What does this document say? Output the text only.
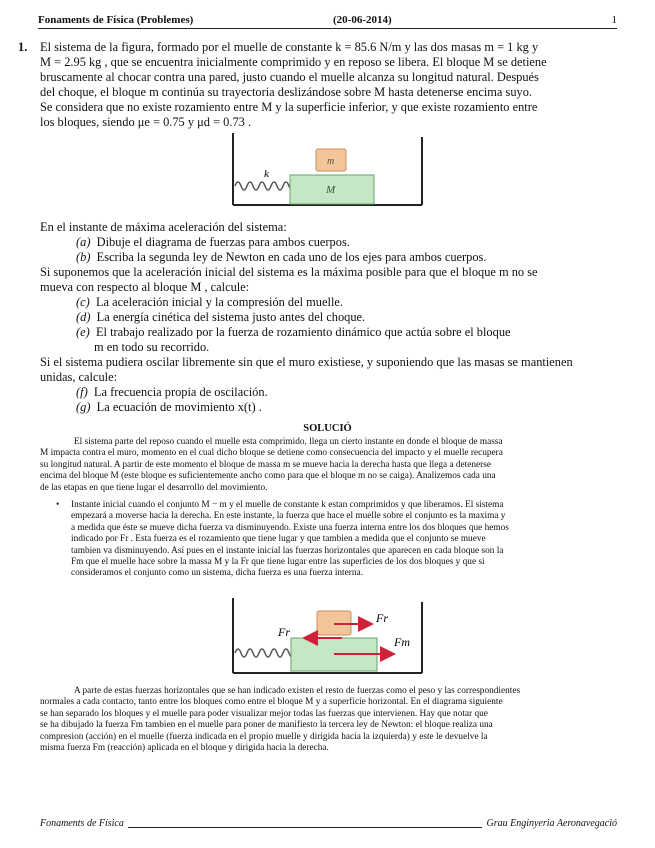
Fonaments de Física (Problemes)	(20-06-2014)	1
1. El sistema de la figura, formado por el muelle de constante k = 85.6 N/m y las dos masas m = 1 kg y
M = 2.95 kg , que se encuentra inicialmente comprimido y en reposo se libera. El bloque M se detiene
bruscamente al chocar contra una pared, justo cuando el muelle alcanza su longitud natural. Después
del choque, el bloque m continúa su trayectoria deslizándose sobre M hasta detenerse encima suyo.
Se considera que no existe rozamiento entre M y la superficie inferior, y que existe rozamiento entre
los bloques, siendo μe = 0.75 y μd = 0.73 .
k
m
M
En el instante de máxima aceleración del sistema:
(a) Dibuje el diagrama de fuerzas para ambos cuerpos.
(b) Escriba la segunda ley de Newton en cada uno de los ejes para ambos cuerpos.
Si suponemos que la aceleración inicial del sistema es la máxima posible para que el bloque m no se
mueva con respecto al bloque M , calcule:
(c) La aceleración inicial y la compresión del muelle.
(d) La energía cinética del sistema justo antes del choque.
(e) El trabajo realizado por la fuerza de rozamiento dinámico que actúa sobre el bloque
m en todo su recorrido.
Si el sistema pudiera oscilar libremente sin que el muro existiese, y suponiendo que las masas se mantienen
unidas, calcule:
(f) La frecuencia propia de oscilación.
(g) La ecuación de movimiento x(t) .
SOLUCIÓ
El sistema parte del reposo cuando el muelle esta comprimido, llega un cierto instante en donde el bloque de massa
M impacta contra el muro, momento en el cual dicho bloque se detiene como consecuencia del impacto y el muelle recupera
su longitud natural. A partir de este momento el bloque de massa m se mueve hacia la derecha hasta que llega a detenerse
encima del bloque M (este bloque es suficientemente ancho como para que el bloque m no se caiga). Analizemos cada una
de las etapas en que tiene lugar el desarrollo del movimiento.
• Instante inicial cuando el conjunto M − m y el muelle de constante k estan comprimidos y que liberamos. El sistema
empezará a moverse hacia la derecha. En este instante, la fuerza que hace el muelle sobre el conjunto es la maxima y
a medida que éste se mueve dicha fuerza va disminuyendo. Existe una fuerza interna entre los dos bloques que hemos
indicado por Fr . Esta fuerza es el rozamiento que tiene lugar y que tambien a medida que el conjunto se mueve
tambien va disminuyendo. Así pues en el instante inicial las fuerzas horizontales que aparecen en cada bloque son la
Fm que el muelle hace sobre la massa M y la Fr que tiene lugar entre las superficies de los dos bloques y que si
consideramos el conjunto como un sistema, dicha fuerza es una fuerza interna.
Fr
Fr
Fm
A parte de estas fuerzas horizontales que se han indicado existen el resto de fuerzas como el peso y las correspondientes
normales a cada contacto, tanto entre los bloques como entre el bloque M y a superficie horizontal. En el diagrama siguiente
se han separado los bloques y el muelle para poder visualizar mejor todas las fuerzas que intervienen. Hay que notar que
se ha dibujado la fuerza Fm tambien en el muelle para poner de manifiesto la tercera ley de Newton: el bloque realiza una
compresion (acción) en el muelle (fuerza indicada en el propio muelle y dirigida hacia la izquierda) y este le devuelve la
misma fuerza Fm (reacción) aplicada en el bloque y dirigida hacia la derecha.
Fonaments de Física	Grau Enginyeria Aeronavegació
